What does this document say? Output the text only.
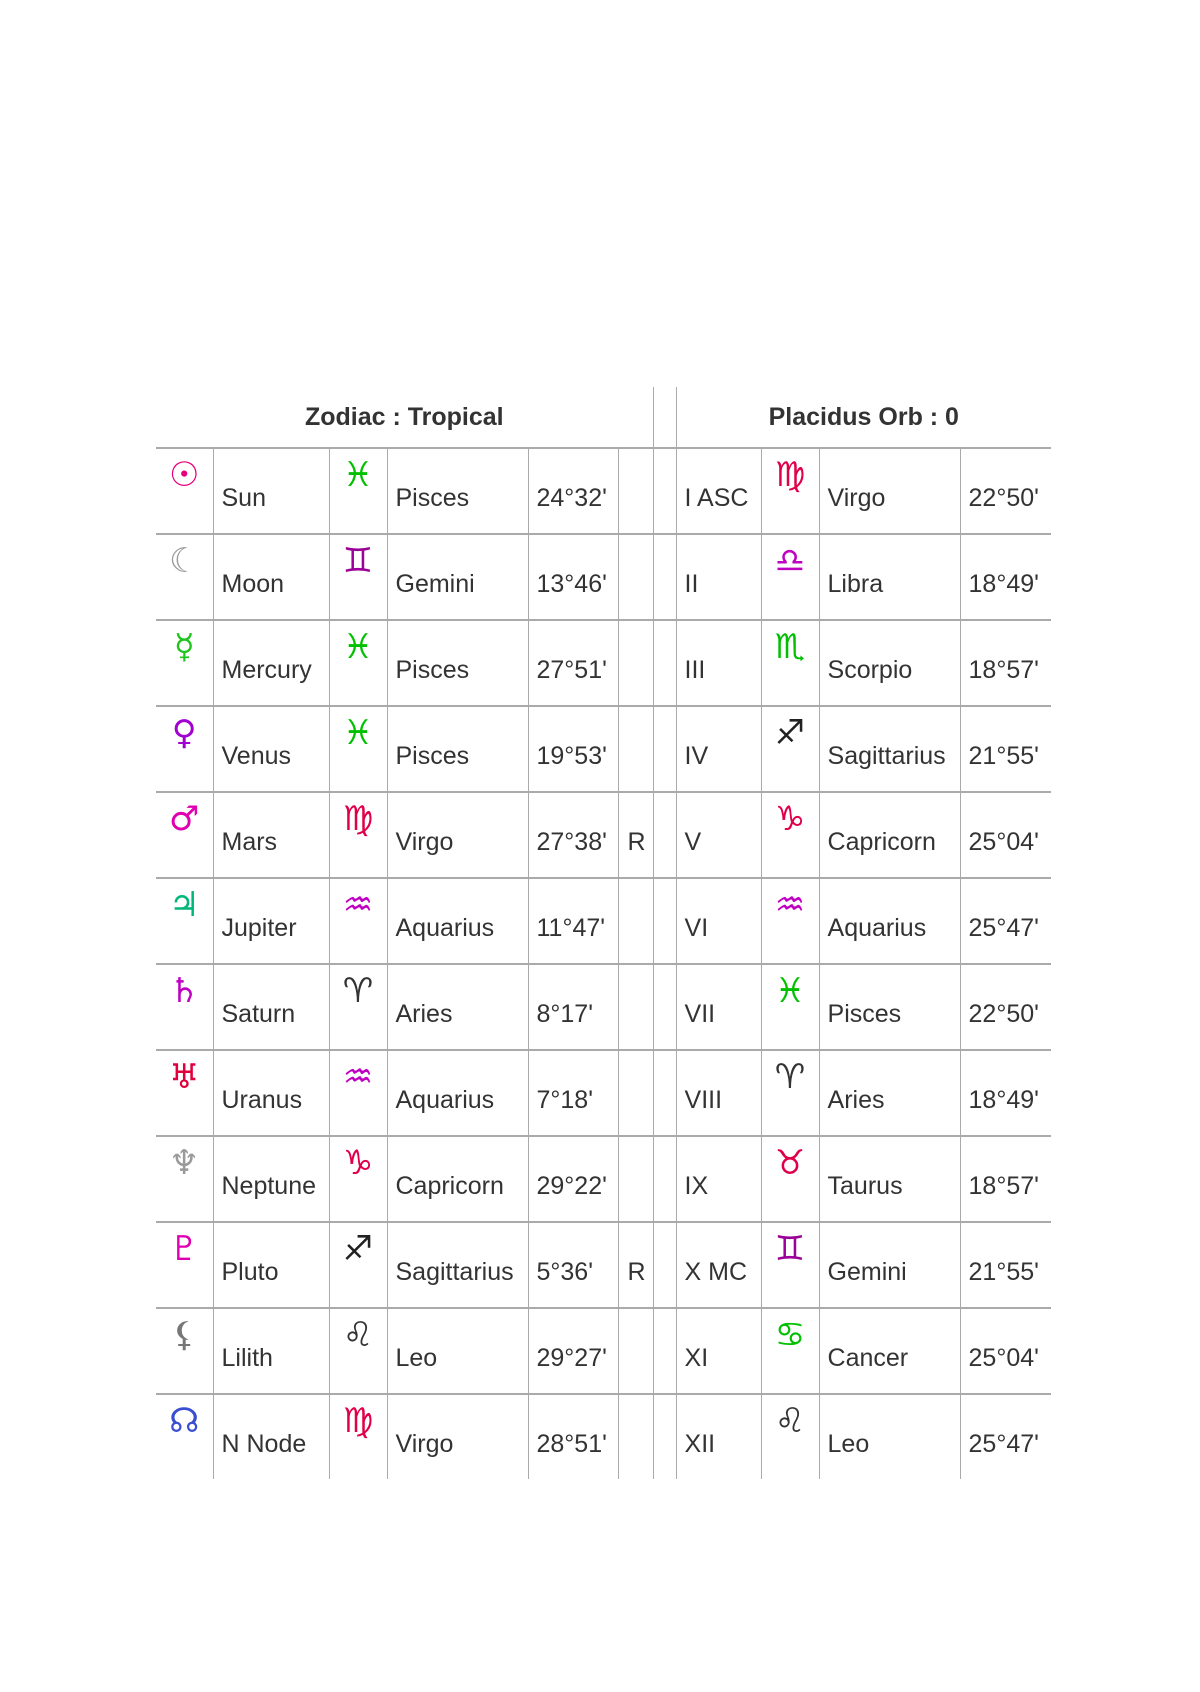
Zodiac : Tropical							Placidus Orb : 0			
☉	Sun	♓	Pisces	24°32'			I ASC	♍	Virgo	22°50'
☾	Moon	♊	Gemini	13°46'			II	♎	Libra	18°49'
☿	Mercury	♓	Pisces	27°51'			III	♏	Scorpio	18°57'
♀	Venus	♓	Pisces	19°53'			IV	♐	Sagittarius	21°55'
♂	Mars	♍	Virgo	27°38'	R		V	♑	Capricorn	25°04'
♃	Jupiter	♒	Aquarius	11°47'			VI	♒	Aquarius	25°47'
♄	Saturn	♈	Aries	8°17'			VII	♓	Pisces	22°50'
♅	Uranus	♒	Aquarius	7°18'			VIII	♈	Aries	18°49'
♆	Neptune	♑	Capricorn	29°22'			IX	♉	Taurus	18°57'
♇	Pluto	♐	Sagittarius	5°36'	R		X MC	♊	Gemini	21°55'
⚸	Lilith	♌	Leo	29°27'			XI	♋	Cancer	25°04'
☊	N Node	♍	Virgo	28°51'			XII	♌	Leo	25°47'
